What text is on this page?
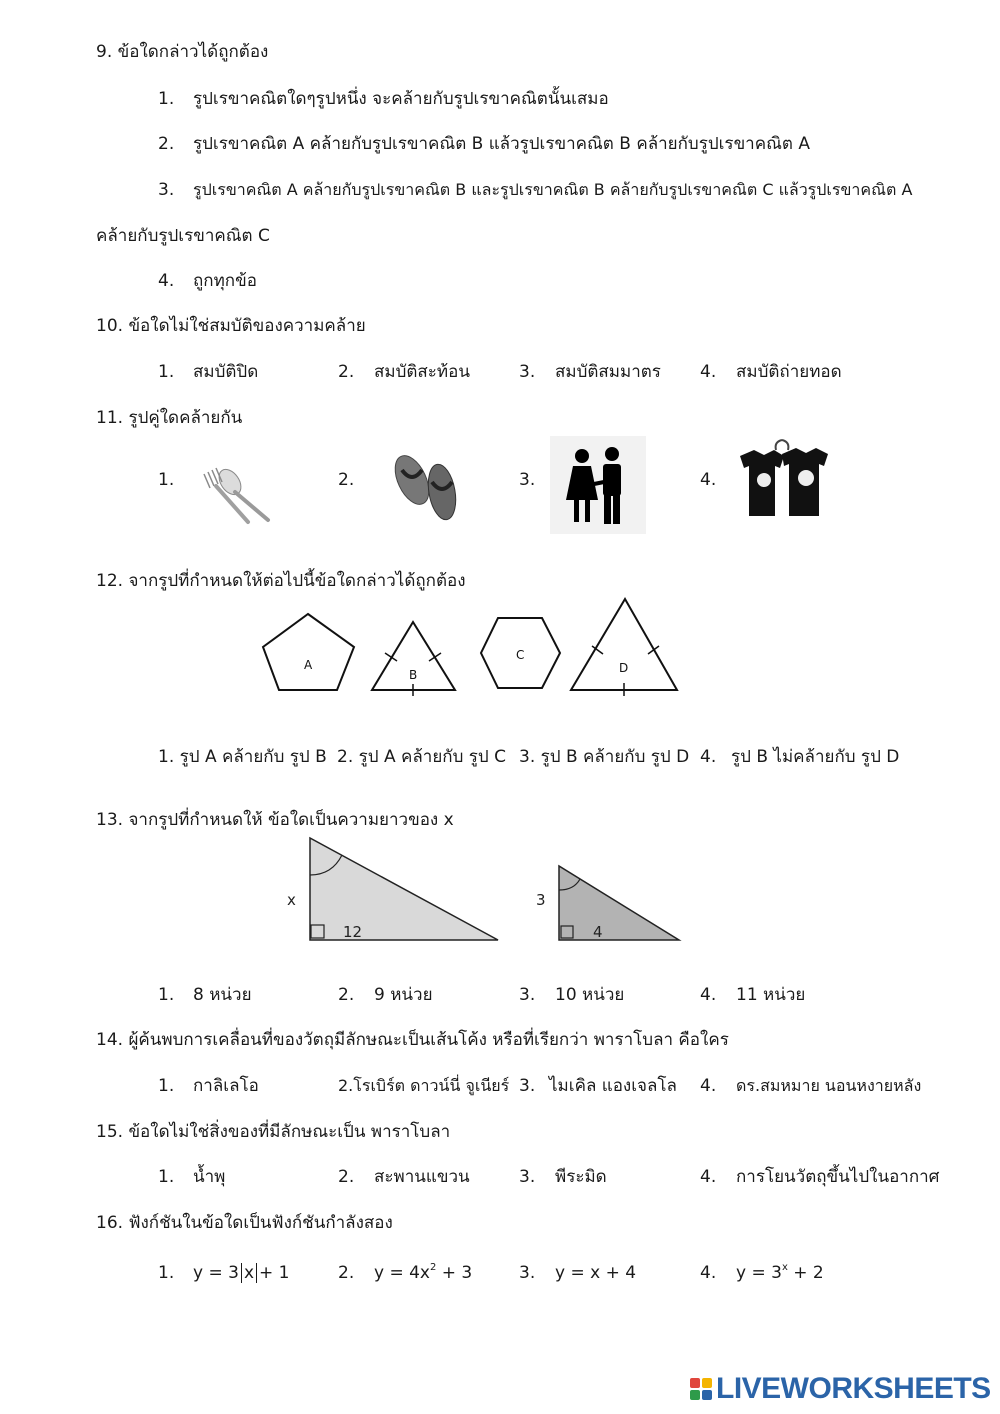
9. ข้อใดกล่าวได้ถูกต้อง
1. รูปเรขาคณิตใดๆรูปหนึ่ง จะคล้ายกับรูปเรขาคณิตนั้นเสมอ
2. รูปเรขาคณิต A คล้ายกับรูปเรขาคณิต B แล้วรูปเรขาคณิต B คล้ายกับรูปเรขาคณิต A
3. รูปเรขาคณิต A คล้ายกับรูปเรขาคณิต B และรูปเรขาคณิต B คล้ายกับรูปเรขาคณิต C แล้วรูปเรขาคณิต A
คล้ายกับรูปเรขาคณิต C
4. ถูกทุกข้อ
10. ข้อใดไม่ใช่สมบัติของความคล้าย
1. สมบัติปิด	2. สมบัติสะท้อน	3. สมบัติสมมาตร 4. สมบัติถ่ายทอด
11. รูปคู่ใดคล้ายกัน
1.	2.	3.	4.
12. จากรูปที่กำหนดให้ต่อไปนี้ข้อใดกล่าวได้ถูกต้อง
A
B
C
D
1. รูป A คล้ายกับ รูป B 2. รูป A คล้ายกับ รูป C 3. รูป B คล้ายกับ รูป D 4. รูป B ไม่คล้ายกับ รูป D
13. จากรูปที่กำหนดให้ ข้อใดเป็นความยาวของ x
x
12
3
4
1. 8 หน่วย	2. 9 หน่วย	3. 10 หน่วย	4. 11 หน่วย
14. ผู้ค้นพบการเคลื่อนที่ของวัตถุมีลักษณะเป็นเส้นโค้ง หรือที่เรียกว่า พาราโบลา คือใคร
1. กาลิเลโอ	2.โรเบิร์ต ดาวน์นี่ จูเนียร์ 3. ไมเคิล แองเจลโล 4. ดร.สมหมาย นอนหงายหลัง
15. ข้อใดไม่ใช่สิ่งของที่มีลักษณะเป็น พาราโบลา
1. น้ำพุ	2. สะพานแขวน	3. พีระมิด	4. การโยนวัตถุขึ้นไปในอากาศ
16. ฟังก์ชันในข้อใดเป็นฟังก์ชันกำลังสอง
1. y = 3 x + 1	2. $y = 4x^2 + 3$	3. y = x + 4	4. $y = 3^x + 2$
LIVEWORKSHEETS
